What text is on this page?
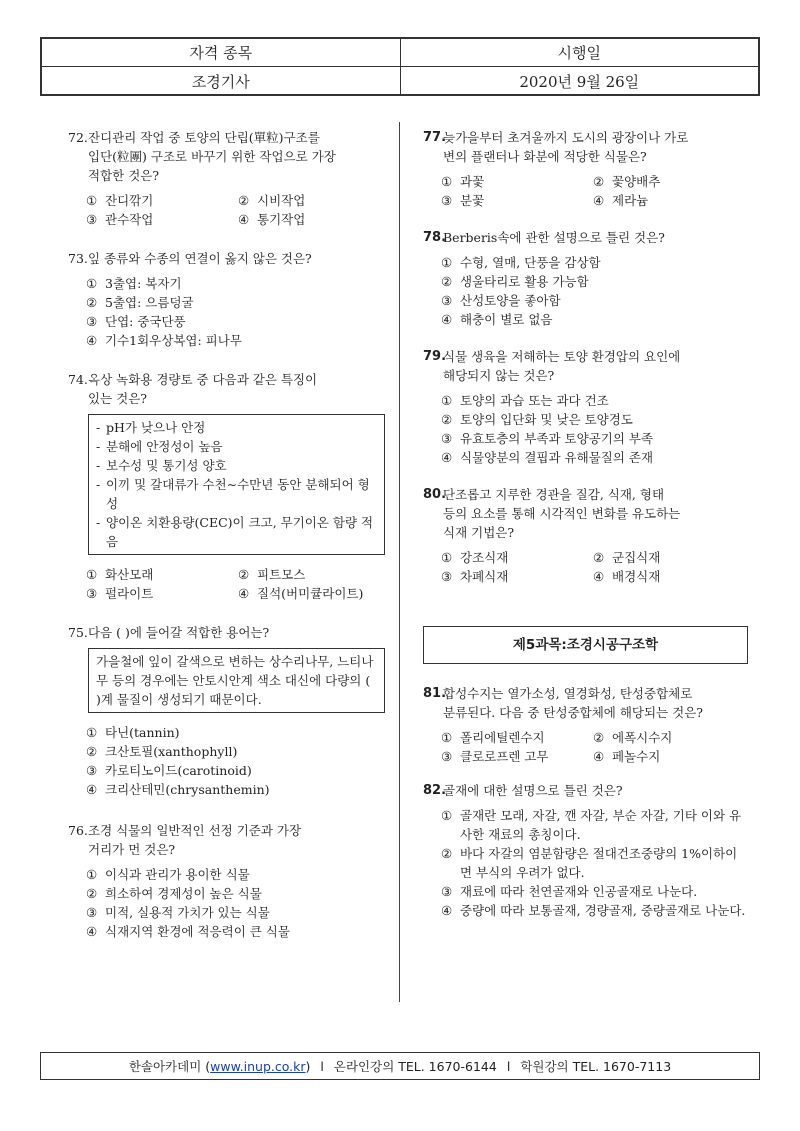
자격 종목	시행일
조경기사	2020년 9월 26일
72. 잔디관리 작업 중 토양의 단립(單粒)구조를
입단(粒團) 구조로 바꾸기 위한 작업으로 가장
적합한 것은?
① 잔디깎기	② 시비작업
③ 관수작업	④ 통기작업
73. 잎 종류와 수종의 연결이 옳지 않은 것은?
① 3출엽: 복자기
② 5출엽: 으름덩굴
③ 단엽: 중국단풍
④ 기수1회우상복엽: 피나무
74. 옥상 녹화용 경량토 중 다음과 같은 특징이
있는 것은?
- pH가 낮으나 안정
- 분해에 안정성이 높음
- 보수성 및 통기성 양호
- 이끼 및 갈대류가 수천∼수만년 동안 분해되어 형성
- 양이온 치환용량(CEC)이 크고, 무기이온 함량 적음
① 화산모래	② 피트모스
③ 펄라이트	④ 질석(버미큘라이트)
75. 다음 ( )에 들어갈 적합한 용어는?
가을철에 잎이 갈색으로 변하는 상수리나무, 느티나무 등의 경우에는 안토시안계 색소 대신에 다량의 ( )계 물질이 생성되기 때문이다.
① 타닌(tannin)
② 크산토필(xanthophyll)
③ 카로티노이드(carotinoid)
④ 크리산테민(chrysanthemin)
76. 조경 식물의 일반적인 선정 기준과 가장
거리가 먼 것은?
① 이식과 관리가 용이한 식물
② 희소하여 경제성이 높은 식물
③ 미적, 실용적 가치가 있는 식물
④ 식재지역 환경에 적응력이 큰 식물
77.
늦가을부터 초겨울까지 도시의 광장이나 가로
변의 플랜터나 화분에 적당한 식물은?
① 과꽃	② 꽃양배추
③ 분꽃	④ 제라늄
78.
Berberis속에 관한 설명으로 틀린 것은?
① 수형, 열매, 단풍을 감상함
② 생울타리로 활용 가능함
③ 산성토양을 좋아함
④ 해충이 별로 없음
79.
식물 생육을 저해하는 토양 환경압의 요인에
해당되지 않는 것은?
① 토양의 과습 또는 과다 건조
② 토양의 입단화 및 낮은 토양경도
③ 유효토층의 부족과 토양공기의 부족
④ 식물양분의 결핍과 유해물질의 존재
80.
단조롭고 지루한 경관을 질감, 식재, 형태
등의 요소를 통해 시각적인 변화를 유도하는
식재 기법은?
① 강조식재	② 군집식재
③ 차폐식재	④ 배경식재
제5과목:조경시공구조학
81.
합성수지는 열가소성, 열경화성, 탄성중합체로
분류된다. 다음 중 탄성중합체에 해당되는 것은?
① 폴리에틸렌수지	② 에폭시수지
③ 클로로프렌 고무	④ 페놀수지
82.
골재에 대한 설명으로 틀린 것은?
① 골재란 모래, 자갈, 깬 자갈, 부순 자갈, 기타 이와 유사한 재료의 총칭이다.
② 바다 자갈의 염분함량은 절대건조중량의 1%이하이면 부식의 우려가 없다.
③ 재료에 따라 천연골재와 인공골재로 나눈다.
④ 중량에 따라 보통골재, 경량골재, 중량골재로 나눈다.
한솔아카데미 ( www.inup.co.kr ) l 온라인강의 TEL. 1670-6144 l 학원강의 TEL. 1670-7113
